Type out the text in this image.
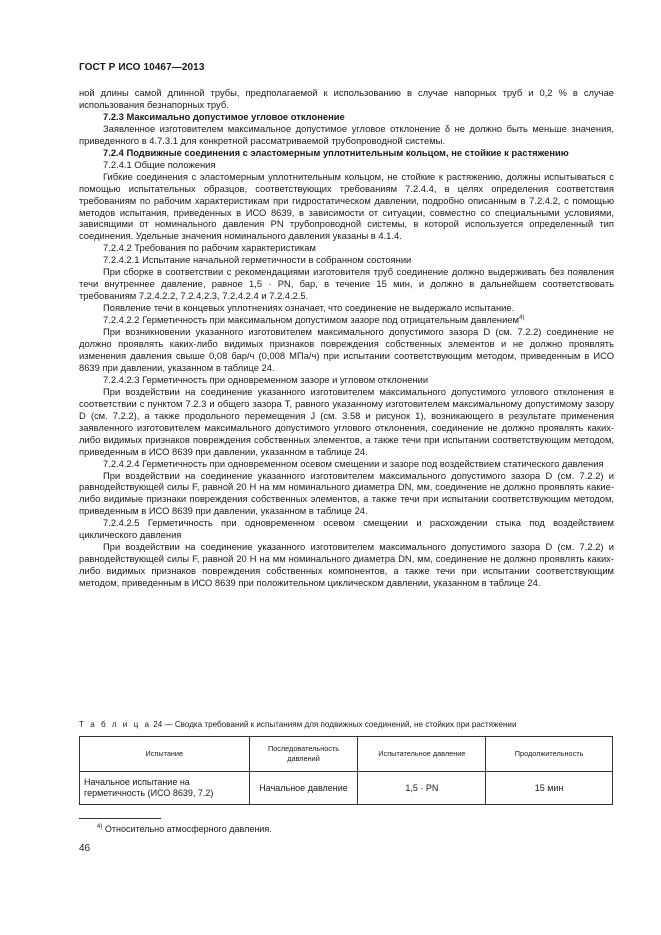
ГОСТ Р ИСО 10467—2013

ной длины самой длинной трубы, предполагаемой к использованию в случае напорных труб и 0,2 % в случае использования безнапорных труб.

7.2.3 Максимально допустимое угловое отклонение

Заявленное изготовителем максимальное допустимое угловое отклонение δ не должно быть меньше значения, приведенного в 4.7.3.1 для конкретной рассматриваемой трубопроводной системы.

7.2.4 Подвижные соединения с эластомерным уплотнительным кольцом, не стойкие к растяжению

7.2.4.1 Общие положения

Гибкие соединения с эластомерным уплотнительным кольцом, не стойкие к растяжению, должны испытываться с помощью испытательных образцов, соответствующих требованиям 7.2.4.4, в целях определения соответствия требованиям по рабочим характеристикам при гидростатическом давлении, подробно описанным в 7.2.4.2, с помощью методов испытания, приведенных в ИСО 8639, в зависимости от ситуации, совместно со специальными условиями, зависящими от номинального давления PN трубопроводной системы, в которой используется определенный тип соединения. Удельные значения номинального давления указаны в 4.1.4.

7.2.4.2 Требования по рабочим характеристикам

7.2.4.2.1 Испытание начальной герметичности в собранном состоянии

При сборке в соответствии с рекомендациями изготовителя труб соединение должно выдерживать без появления течи внутреннее давление, равное 1,5 · PN, бар, в течение 15 мин, и должно в дальнейшем соответствовать требованиям 7.2.4.2.2, 7.2.4.2.3, 7.2.4.2.4 и 7.2.4.2.5.

Появление течи в концевых уплотнениях означает, что соединение не выдержало испытание.

7.2.4.2.2 Герметичность при максимальном допустимом зазоре под отрицательным давлением$^{4)}$

При возникновении указанного изготовителем максимального допустимого зазора D (см. 7.2.2) соединение не должно проявлять каких-либо видимых признаков повреждения собственных элементов и не должно проявлять изменения давления свыше 0,08 бар/ч (0,008 МПа/ч) при испытании соответствующим методом, приведенным в ИСО 8639 при давлении, указанном в таблице 24.

7.2.4.2.3 Герметичность при одновременном зазоре и угловом отклонении

При воздействии на соединение указанного изготовителем максимального допустимого углового отклонения в соответствии с пунктом 7.2.3 и общего зазора T, равного указанному изготовителем максимальному допустимому зазору D (см. 7.2.2), а также продольного перемещения J (см. 3.58 и рисунок 1), возникающего в результате применения заявленного изготовителем максимального допустимого углового отклонения, соединение не должно проявлять каких-либо видимых признаков повреждения собственных элементов, а также течи при испытании соответствующим методом, приведенным в ИСО 8639 при давлении, указанном в таблице 24.

7.2.4.2.4 Герметичность при одновременном осевом смещении и зазоре под воздействием статического давления

При воздействии на соединение указанного изготовителем максимального допустимого зазора D (см. 7.2.2) и равнодействующей силы F, равной 20 Н на мм номинального диаметра DN, мм, соединение не должно проявлять какие-либо видимые признаки повреждения собственных элементов, а также течи при испытании соответствующим методом, приведенным в ИСО 8639 при давлении, указанном в таблице 24.

7.2.4.2.5 Герметичность при одновременном осевом смещении и расхождении стыка под воздействием циклического давления

При воздействии на соединение указанного изготовителем максимального допустимого зазора D (см. 7.2.2) и равнодействующей силы F, равной 20 Н на мм номинального диаметра DN, мм, соединение не должно проявлять каких-либо видимых признаков повреждения собственных компонентов, а также течи при испытании соответствующим методом, приведенным в ИСО 8639 при положительном циклическом давлении, указанном в таблице 24.

Т а б л и ц а 24 — Сводка требований к испытаниям для подвижных соединений, не стойких при растяжении
Испытание	Последовательность давлений	Испытательное давление	Продолжительность
Начальное испытание на герметичность (ИСО 8639, 7.2)	Начальное давление	1,5 · PN	15 мин
$^{4)}$ Относительно атмосферного давления.
46
